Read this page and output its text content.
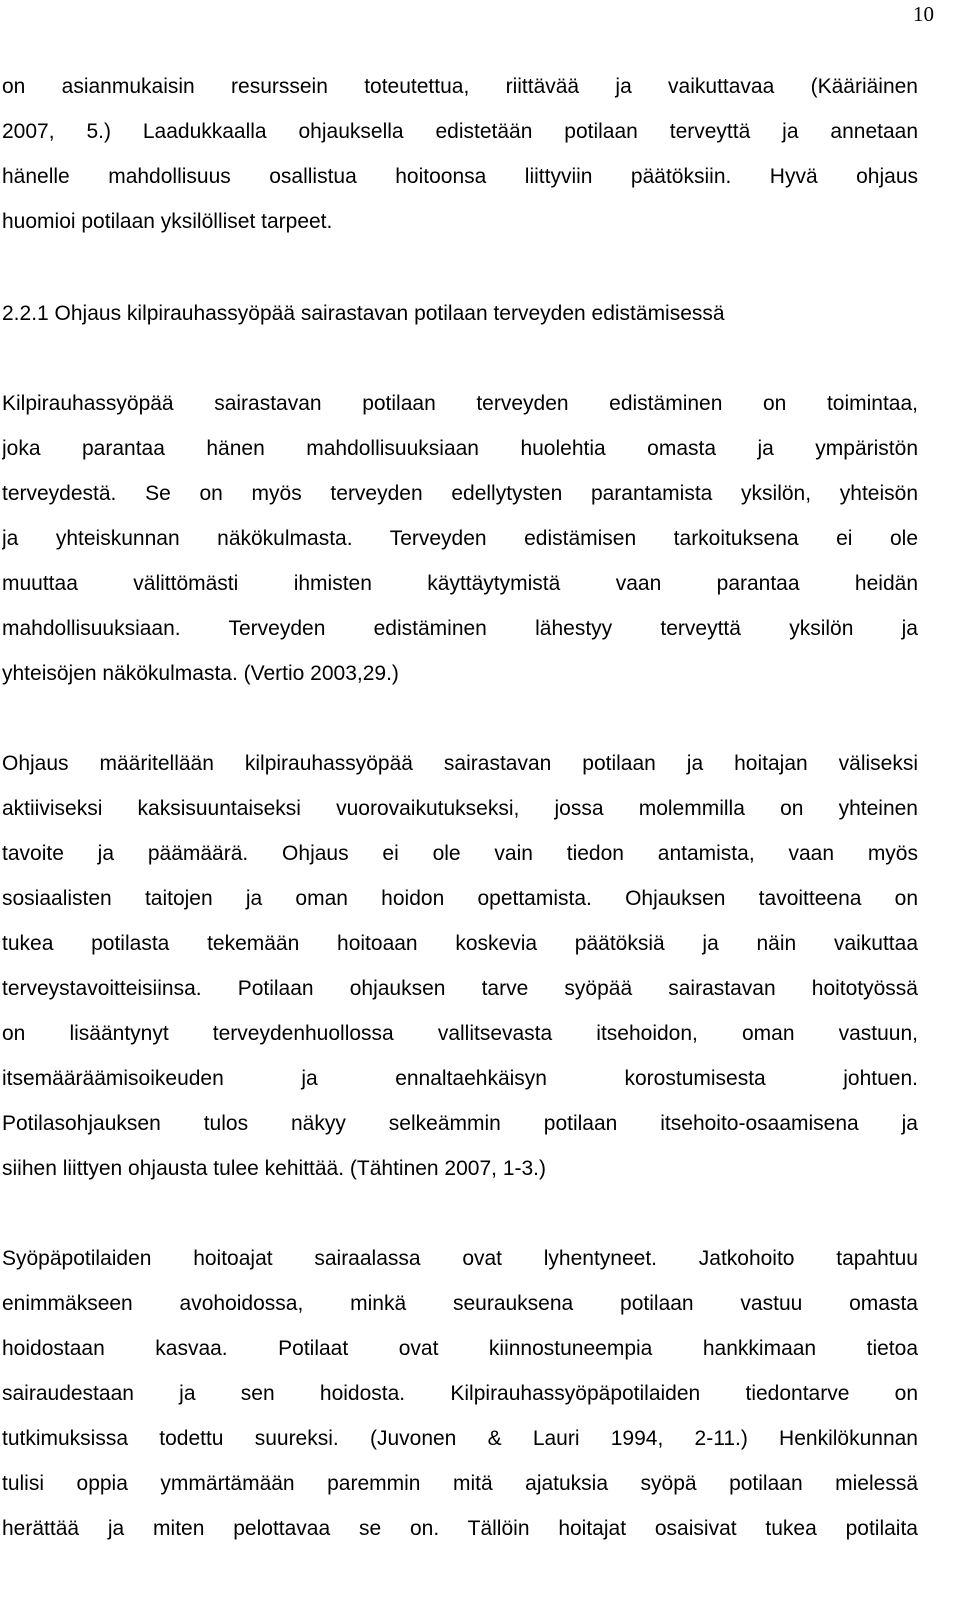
10
on asianmukaisin resurssein toteutettua, riittävää ja vaikuttavaa (Kääriäinen
2007, 5.) Laadukkaalla ohjauksella edistetään potilaan terveyttä ja annetaan
hänelle mahdollisuus osallistua hoitoonsa liittyviin päätöksiin. Hyvä ohjaus
huomioi potilaan yksilölliset tarpeet.
2.2.1 Ohjaus kilpirauhassyöpää sairastavan potilaan terveyden edistämisessä
Kilpirauhassyöpää sairastavan potilaan terveyden edistäminen on toimintaa,
joka parantaa hänen mahdollisuuksiaan huolehtia omasta ja ympäristön
terveydestä. Se on myös terveyden edellytysten parantamista yksilön, yhteisön
ja yhteiskunnan näkökulmasta. Terveyden edistämisen tarkoituksena ei ole
muuttaa välittömästi ihmisten käyttäytymistä vaan parantaa heidän
mahdollisuuksiaan. Terveyden edistäminen lähestyy terveyttä yksilön ja
yhteisöjen näkökulmasta. (Vertio 2003,29.)
Ohjaus määritellään kilpirauhassyöpää sairastavan potilaan ja hoitajan väliseksi
aktiiviseksi kaksisuuntaiseksi vuorovaikutukseksi, jossa molemmilla on yhteinen
tavoite ja päämäärä. Ohjaus ei ole vain tiedon antamista, vaan myös
sosiaalisten taitojen ja oman hoidon opettamista. Ohjauksen tavoitteena on
tukea potilasta tekemään hoitoaan koskevia päätöksiä ja näin vaikuttaa
terveystavoitteisiinsa. Potilaan ohjauksen tarve syöpää sairastavan hoitotyössä
on lisääntynyt terveydenhuollossa vallitsevasta itsehoidon, oman vastuun,
itsemääräämisoikeuden ja ennaltaehkäisyn korostumisesta johtuen.
Potilasohjauksen tulos näkyy selkeämmin potilaan itsehoito-osaamisena ja
siihen liittyen ohjausta tulee kehittää. (Tähtinen 2007, 1-3.)
Syöpäpotilaiden hoitoajat sairaalassa ovat lyhentyneet. Jatkohoito tapahtuu
enimmäkseen avohoidossa, minkä seurauksena potilaan vastuu omasta
hoidostaan kasvaa. Potilaat ovat kiinnostuneempia hankkimaan tietoa
sairaudestaan ja sen hoidosta. Kilpirauhassyöpäpotilaiden tiedontarve on
tutkimuksissa todettu suureksi. (Juvonen & Lauri 1994, 2-11.) Henkilökunnan
tulisi oppia ymmärtämään paremmin mitä ajatuksia syöpä potilaan mielessä
herättää ja miten pelottavaa se on. Tällöin hoitajat osaisivat tukea potilaita
